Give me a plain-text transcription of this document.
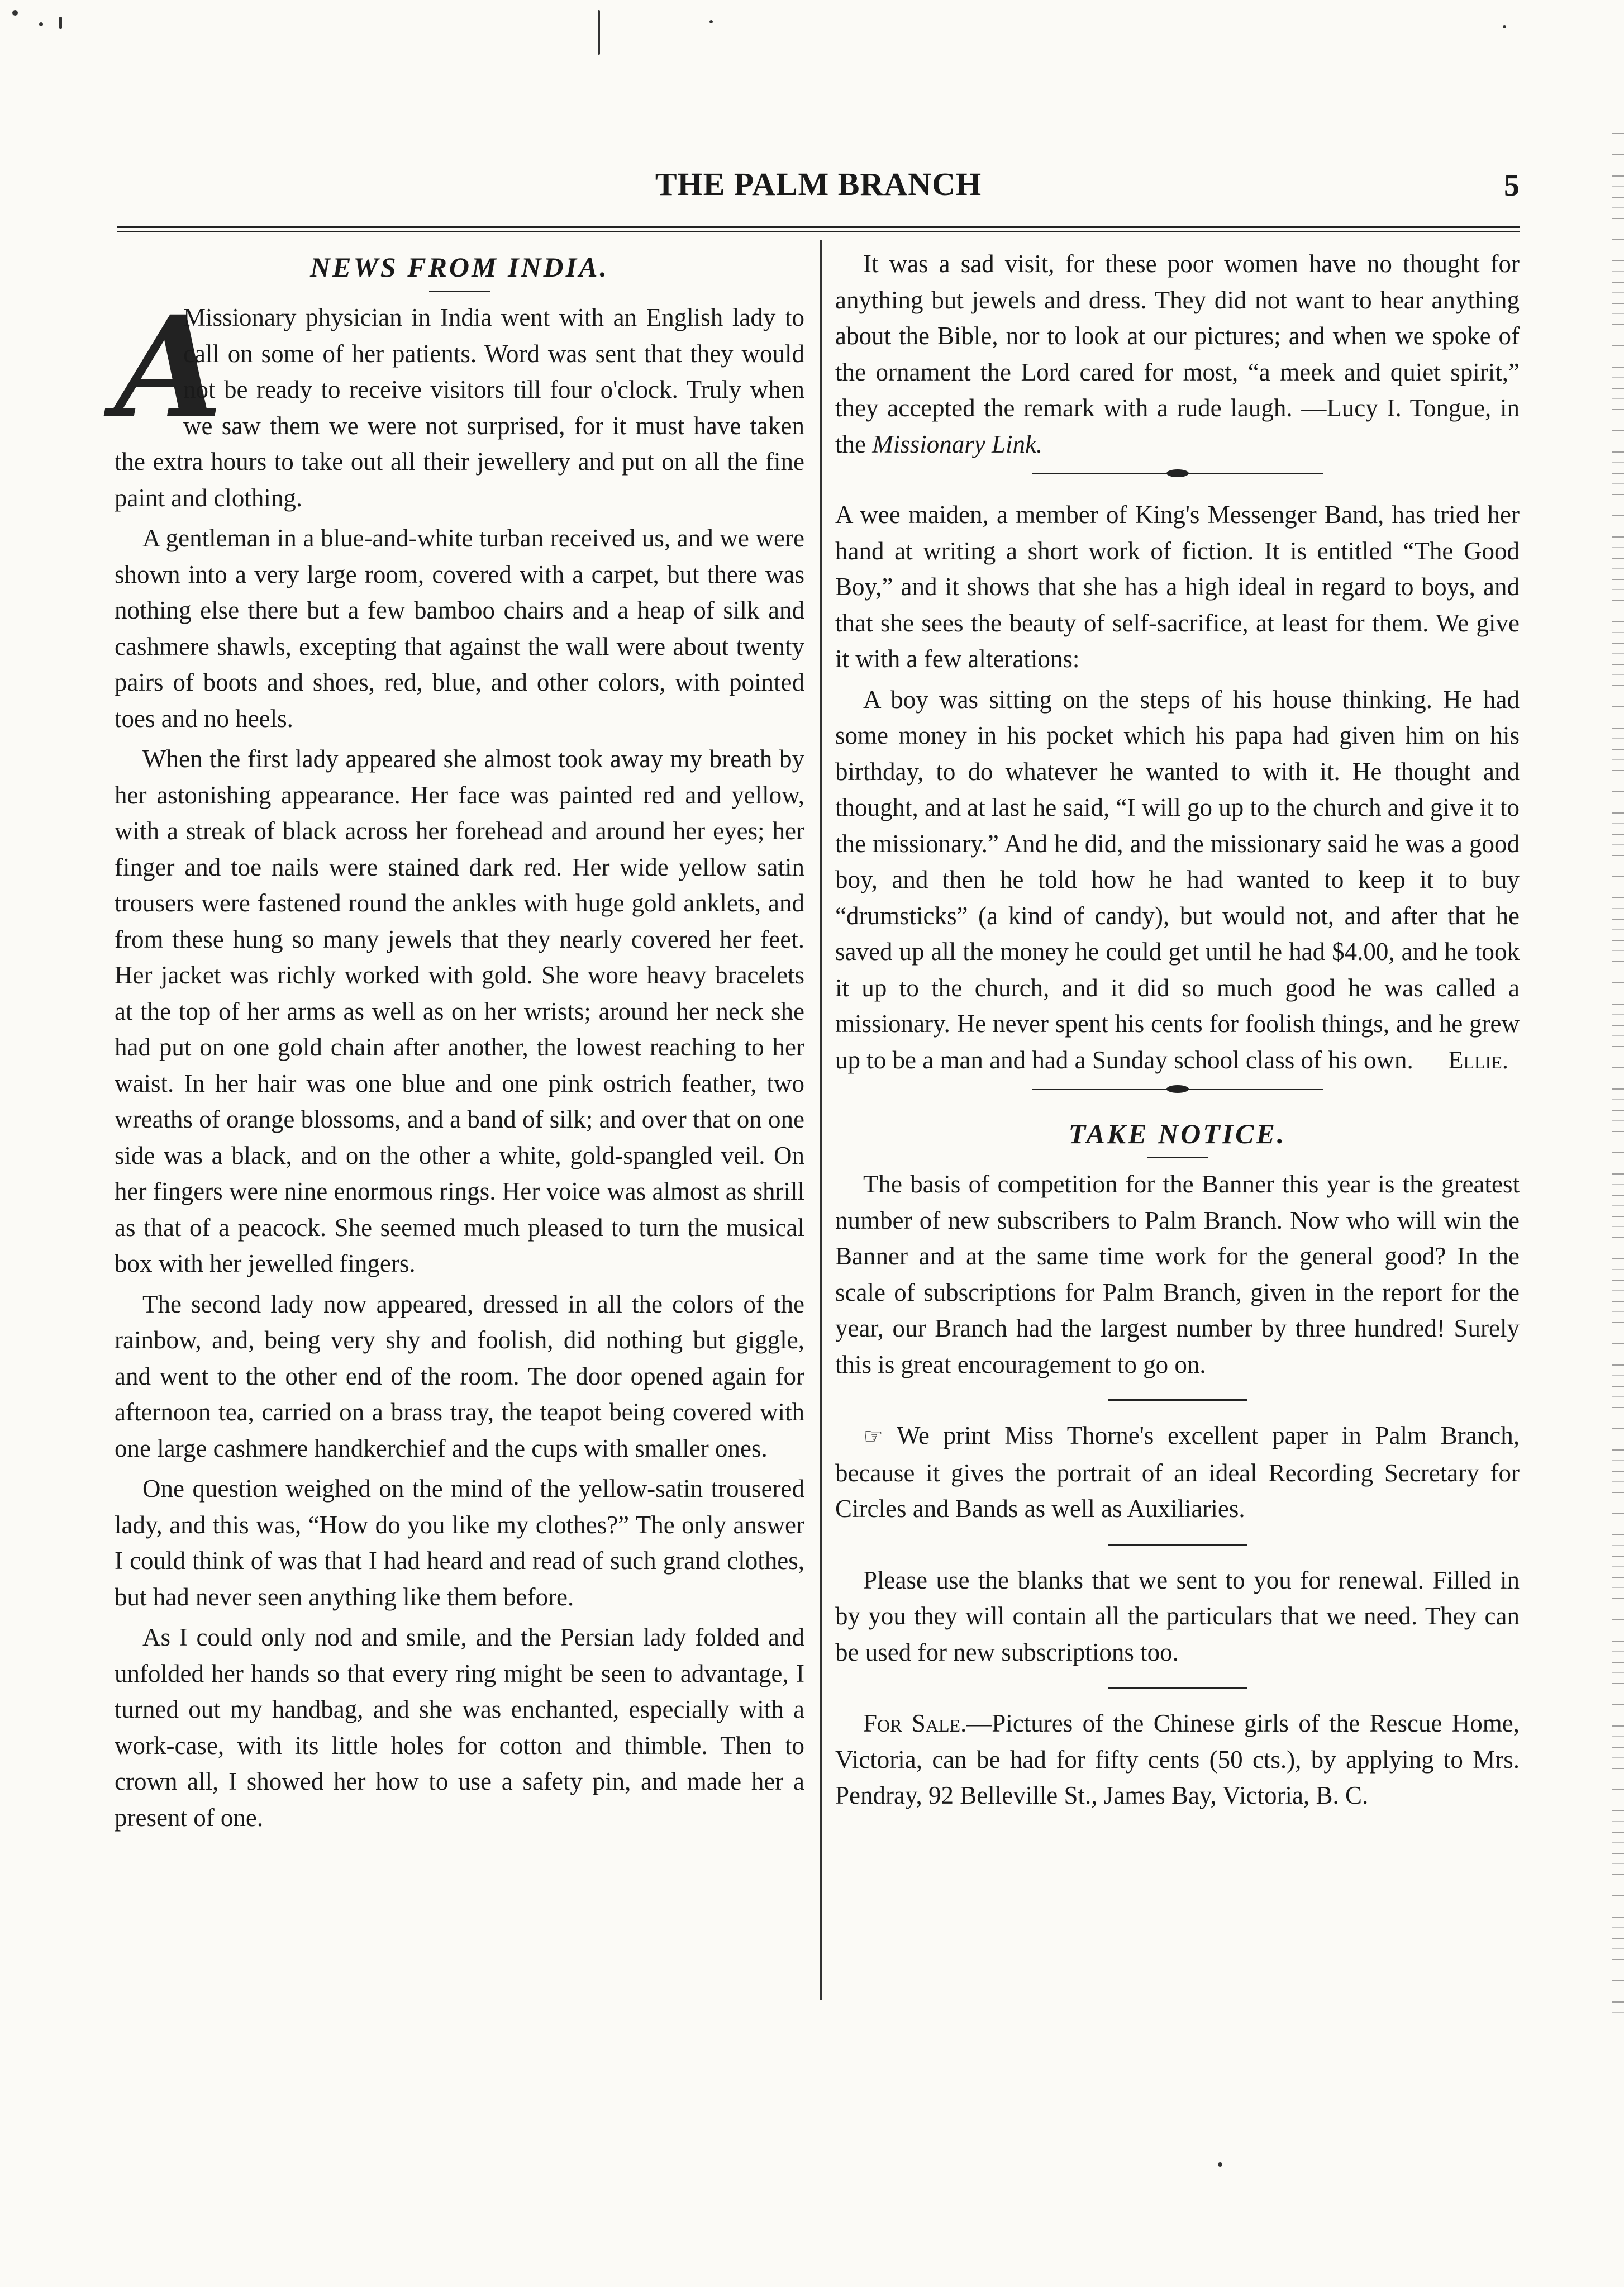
THE PALM BRANCH	5
NEWS FROM INDIA.
A

Missionary physician in India went with an English lady to call on some of her patients. Word was sent that they would not be ready to receive visitors till four o'clock. Truly when we saw them we were not surprised, for it must have taken the extra hours to take out all their jewellery and put on all the fine paint and clothing.

A gentleman in a blue-and-white turban received us, and we were shown into a very large room, covered with a carpet, but there was nothing else there but a few bamboo chairs and a heap of silk and cashmere shawls, excepting that against the wall were about twenty pairs of boots and shoes, red, blue, and other colors, with pointed toes and no heels.

When the first lady appeared she almost took away my breath by her astonishing appearance. Her face was painted red and yellow, with a streak of black across her forehead and around her eyes; her finger and toe nails were stained dark red. Her wide yellow satin trousers were fastened round the ankles with huge gold anklets, and from these hung so many jewels that they nearly covered her feet. Her jacket was richly worked with gold. She wore heavy bracelets at the top of her arms as well as on her wrists; around her neck she had put on one gold chain after another, the lowest reaching to her waist. In her hair was one blue and one pink ostrich feather, two wreaths of orange blossoms, and a band of silk; and over that on one side was a black, and on the other a white, gold-spangled veil. On her fingers were nine enormous rings. Her voice was almost as shrill as that of a peacock. She seemed much pleased to turn the musical box with her jewelled fingers.

The second lady now appeared, dressed in all the colors of the rainbow, and, being very shy and foolish, did nothing but giggle, and went to the other end of the room. The door opened again for afternoon tea, carried on a brass tray, the teapot being covered with one large cashmere handkerchief and the cups with smaller ones.

One question weighed on the mind of the yellow-satin trousered lady, and this was, “How do you like my clothes?” The only answer I could think of was that I had heard and read of such grand clothes, but had never seen anything like them before.

As I could only nod and smile, and the Persian lady folded and unfolded her hands so that every ring might be seen to advantage, I turned out my handbag, and she was enchanted, especially with a work-case, with its little holes for cotton and thimble. Then to crown all, I showed her how to use a safety pin, and made her a present of one.

It was a sad visit, for these poor women have no thought for anything but jewels and dress. They did not want to hear anything about the Bible, nor to look at our pictures; and when we spoke of the ornament the Lord cared for most, “a meek and quiet spirit,” they accepted the remark with a rude laugh. —Lucy I. Tongue, in the Missionary Link.

A wee maiden, a member of King's Messenger Band, has tried her hand at writing a short work of fiction. It is entitled “The Good Boy,” and it shows that she has a high ideal in regard to boys, and that she sees the beauty of self-sacrifice, at least for them. We give it with a few alterations:

A boy was sitting on the steps of his house thinking. He had some money in his pocket which his papa had given him on his birthday, to do whatever he wanted to with it. He thought and thought, and at last he said, “I will go up to the church and give it to the missionary.” And he did, and the missionary said he was a good boy, and then he told how he had wanted to keep it to buy “drumsticks” (a kind of candy), but would not, and after that he saved up all the money he could get until he had $4.00, and he took it up to the church, and it did so much good he was called a missionary. He never spent his cents for foolish things, and he grew up to be a man and had a Sunday school class of his own.	Ellie.

TAKE NOTICE.

The basis of competition for the Banner this year is the greatest number of new subscribers to Palm Branch. Now who will win the Banner and at the same time work for the general good? In the scale of subscriptions for Palm Branch, given in the report for the year, our Branch had the largest number by three hundred! Surely this is great encouragement to go on.

☞ We print Miss Thorne's excellent paper in Palm Branch, because it gives the portrait of an ideal Recording Secretary for Circles and Bands as well as Auxiliaries.

Please use the blanks that we sent to you for renewal. Filled in by you they will contain all the particulars that we need. They can be used for new subscriptions too.

For Sale.—Pictures of the Chinese girls of the Rescue Home, Victoria, can be had for fifty cents (50 cts.), by applying to Mrs. Pendray, 92 Belleville St., James Bay, Victoria, B. C.
